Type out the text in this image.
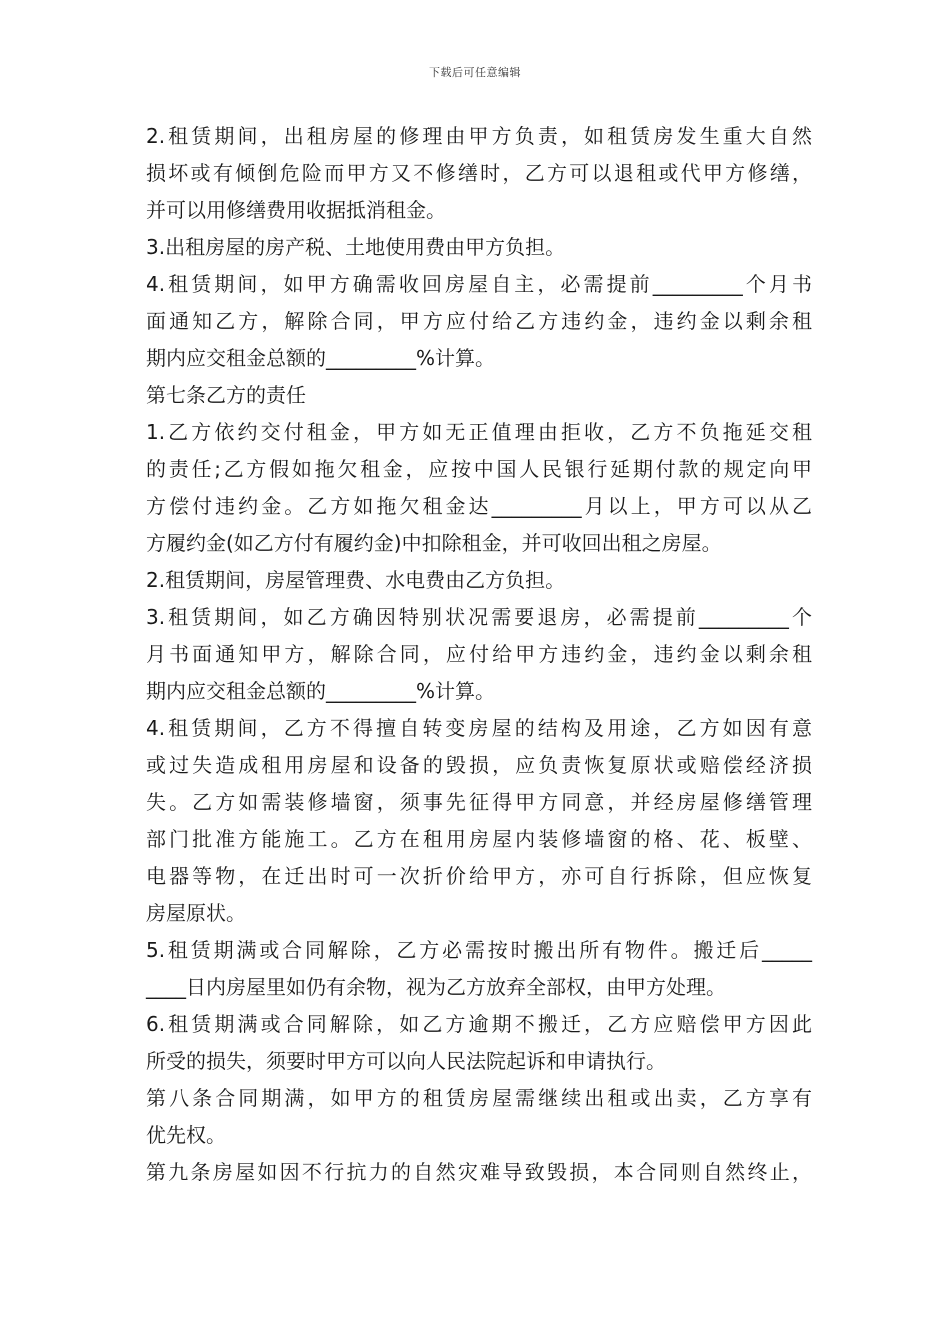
下载后可任意编辑
2.租赁期间，出租房屋的修理由甲方负责，如租赁房发生重大自然
损坏或有倾倒危险而甲方又不修缮时，乙方可以退租或代甲方修缮，
并可以用修缮费用收据抵消租金。
3.出租房屋的房产税、土地使用费由甲方负担。
4.租赁期间，如甲方确需收回房屋自主，必需提前_________个月书
面通知乙方，解除合同，甲方应付给乙方违约金，违约金以剩余租
期内应交租金总额的_________%计算。
第七条乙方的责任
1.乙方依约交付租金，甲方如无正值理由拒收，乙方不负拖延交租
的责任;乙方假如拖欠租金，应按中国人民银行延期付款的规定向甲
方偿付违约金。乙方如拖欠租金达_________月以上，甲方可以从乙
方履约金(如乙方付有履约金)中扣除租金，并可收回出租之房屋。
2.租赁期间，房屋管理费、水电费由乙方负担。
3.租赁期间，如乙方确因特别状况需要退房，必需提前_________个
月书面通知甲方，解除合同，应付给甲方违约金，违约金以剩余租
期内应交租金总额的_________%计算。
4.租赁期间，乙方不得擅自转变房屋的结构及用途，乙方如因有意
或过失造成租用房屋和设备的毁损，应负责恢复原状或赔偿经济损
失。乙方如需装修墙窗，须事先征得甲方同意，并经房屋修缮管理
部门批准方能施工。乙方在租用房屋内装修墙窗的格、花、板壁、
电器等物，在迁出时可一次折价给甲方，亦可自行拆除，但应恢复
房屋原状。
5.租赁期满或合同解除，乙方必需按时搬出所有物件。搬迁后_____
____日内房屋里如仍有余物，视为乙方放弃全部权，由甲方处理。
6.租赁期满或合同解除，如乙方逾期不搬迁，乙方应赔偿甲方因此
所受的损失，须要时甲方可以向人民法院起诉和申请执行。
第八条合同期满，如甲方的租赁房屋需继续出租或出卖，乙方享有
优先权。
第九条房屋如因不行抗力的自然灾难导致毁损，本合同则自然终止，
